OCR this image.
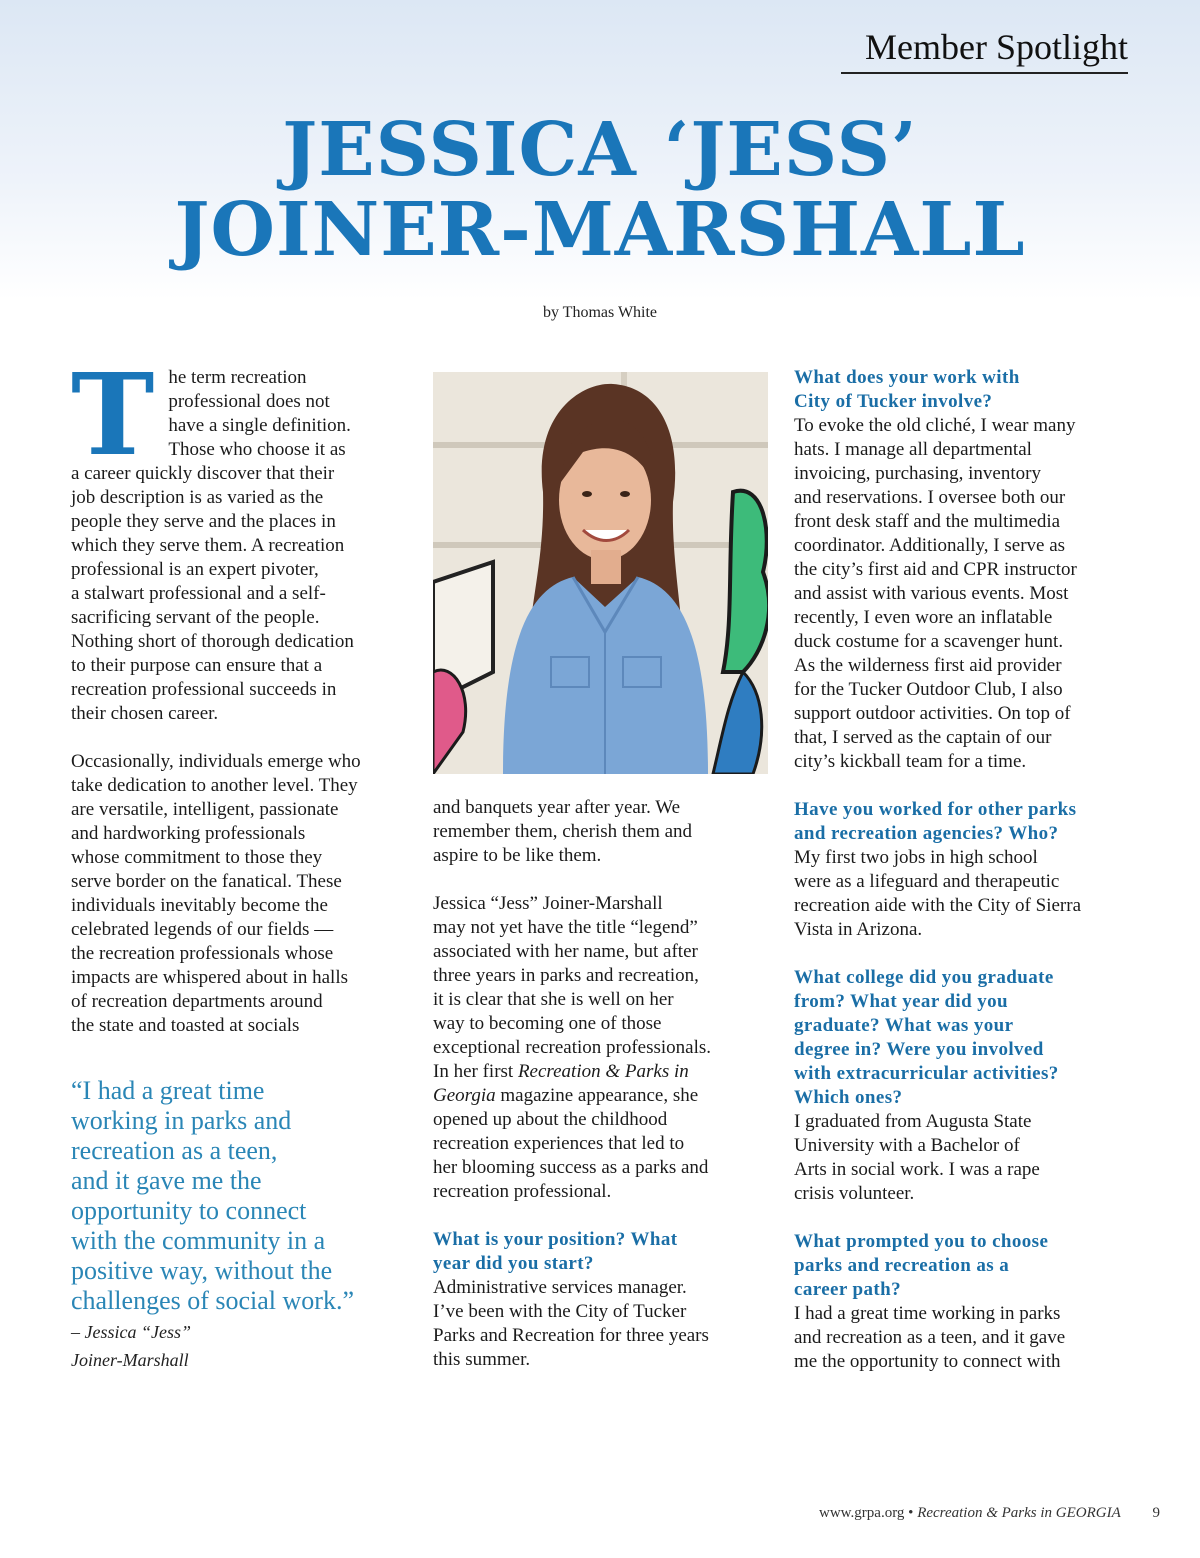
Member Spotlight
JESSICA ‘JESS’
JOINER-MARSHALL
by Thomas White
T he term recreation
professional does not
have a single definition.
Those who choose it as
a career quickly discover that their
job description is as varied as the
people they serve and the places in
which they serve them. A recreation
professional is an expert pivoter,
a stalwart professional and a self-
sacrificing servant of the people.
Nothing short of thorough dedication
to their purpose can ensure that a
recreation professional succeeds in
their chosen career.

Occasionally, individuals emerge who
take dedication to another level. They
are versatile, intelligent, passionate
and hardworking professionals
whose commitment to those they
serve border on the fanatical. These
individuals inevitably become the
celebrated legends of our fields —
the recreation professionals whose
impacts are whispered about in halls
of recreation departments around
the state and toasted at socials

“I had a great time
working in parks and
recreation as a teen,
and it gave me the
opportunity to connect
with the community in a
positive way, without the
challenges of social work.”

– Jessica “Jess”
Joiner-Marshall

and banquets year after year. We
remember them, cherish them and
aspire to be like them.

Jessica “Jess” Joiner-Marshall
may not yet have the title “legend”
associated with her name, but after
three years in parks and recreation,
it is clear that she is well on her
way to becoming one of those
exceptional recreation professionals.
In her first Recreation & Parks in
Georgia magazine appearance, she
opened up about the childhood
recreation experiences that led to
her blooming success as a parks and
recreation professional.

What is your position? What
year did you start?

Administrative services manager.
I’ve been with the City of Tucker
Parks and Recreation for three years
this summer.

What does your work with
City of Tucker involve?

To evoke the old cliché, I wear many
hats. I manage all departmental
invoicing, purchasing, inventory
and reservations. I oversee both our
front desk staff and the multimedia
coordinator. Additionally, I serve as
the city’s first aid and CPR instructor
and assist with various events. Most
recently, I even wore an inflatable
duck costume for a scavenger hunt.
As the wilderness first aid provider
for the Tucker Outdoor Club, I also
support outdoor activities. On top of
that, I served as the captain of our
city’s kickball team for a time.

Have you worked for other parks
and recreation agencies? Who?

My first two jobs in high school
were as a lifeguard and therapeutic
recreation aide with the City of Sierra
Vista in Arizona.

What college did you graduate
from? What year did you
graduate? What was your
degree in? Were you involved
with extracurricular activities?
Which ones?

I graduated from Augusta State
University with a Bachelor of
Arts in social work. I was a rape
crisis volunteer.

What prompted you to choose
parks and recreation as a
career path?

I had a great time working in parks
and recreation as a teen, and it gave
me the opportunity to connect with

www.grpa.org • Recreation & Parks in GEORGIA 9
